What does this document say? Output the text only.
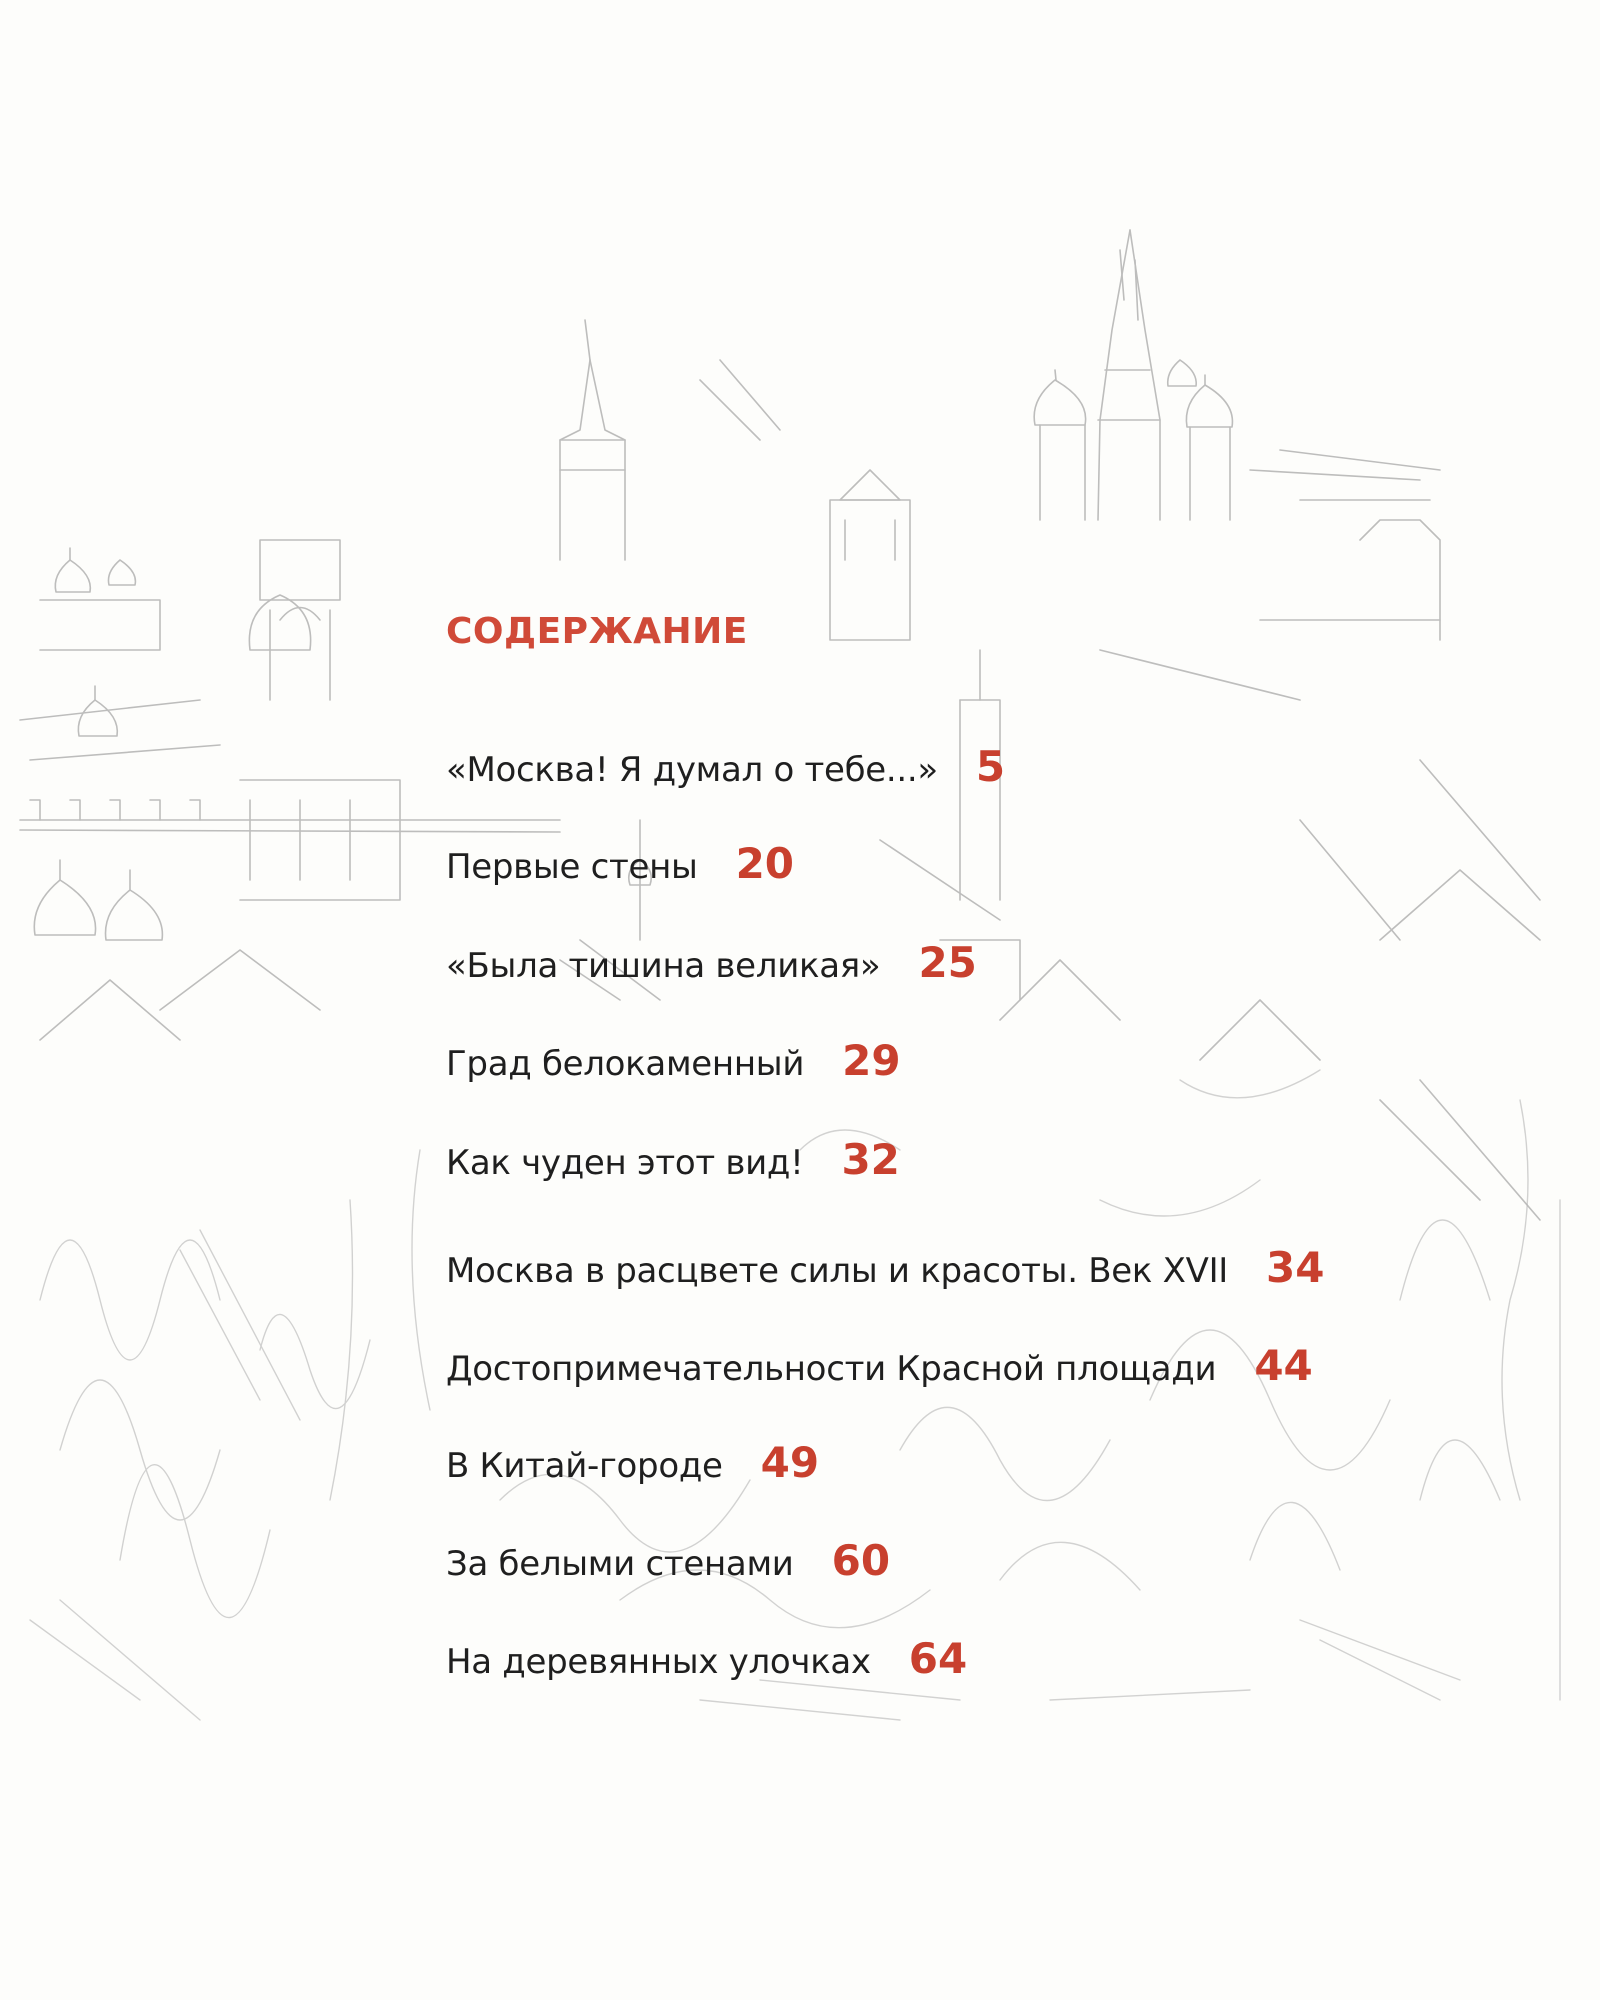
СОДЕРЖАНИЕ
«Москва! Я думал о тебе...» 5
Первые стены 20
«Была тишина великая» 25
Град белокаменный 29
Как чуден этот вид! 32
Москва в расцвете силы и красоты. Век XVII 34
Достопримечательности Красной площади 44
В Китай-городе 49
За белыми стенами 60
На деревянных улочках 64
